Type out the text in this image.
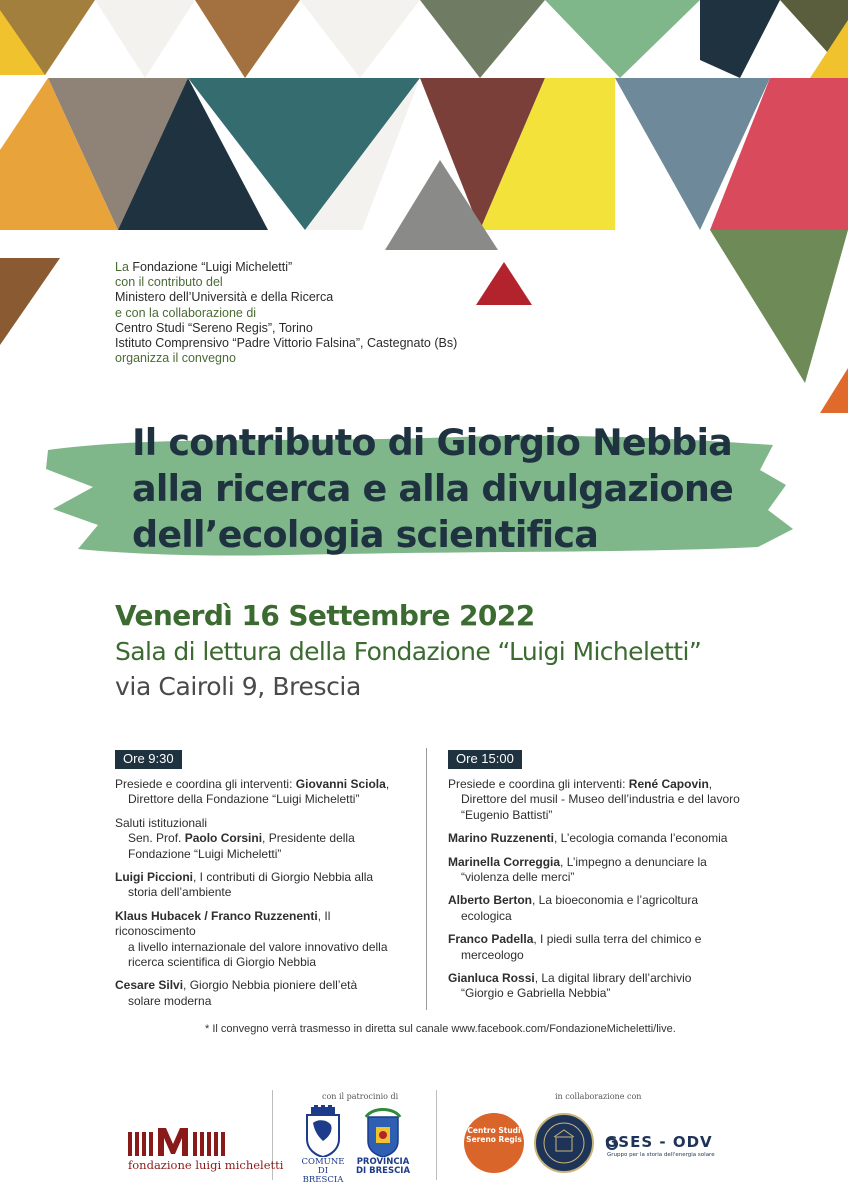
La Fondazione “Luigi Micheletti”
con il contributo del
Ministero dell’Università e della Ricerca
e con la collaborazione di
Centro Studi “Sereno Regis”, Torino
Istituto Comprensivo “Padre Vittorio Falsina”, Castegnato (Bs)
organizza il convegno
Il contributo di Giorgio Nebbia
alla ricerca e alla divulgazione
dell’ecologia scientifica
Venerdì 16 Settembre 2022
Sala di lettura della Fondazione “Luigi Micheletti”
via Cairoli 9, Brescia
Ore 9:30
Presiede e coordina gli interventi: Giovanni Sciola,
Direttore della Fondazione “Luigi Micheletti”
Saluti istituzionali
Sen. Prof. Paolo Corsini, Presidente della
Fondazione “Luigi Micheletti”
Luigi Piccioni, I contributi di Giorgio Nebbia alla
storia dell’ambiente
Klaus Hubacek / Franco Ruzzenenti, Il riconoscimento
a livello internazionale del valore innovativo della ricerca scientifica di Giorgio Nebbia
Cesare Silvi, Giorgio Nebbia pioniere dell’età
solare moderna
Ore 15:00
Presiede e coordina gli interventi: René Capovin,
Direttore del musil - Museo dell’industria e del lavoro “Eugenio Battisti”
Marino Ruzzenenti, L’ecologia comanda l’economia
Marinella Correggia, L’impegno a denunciare la
“violenza delle merci”
Alberto Berton, La bioeconomia e l’agricoltura
ecologica
Franco Padella, I piedi sulla terra del chimico e
merceologo
Gianluca Rossi, La digital library dell’archivio
“Giorgio e Gabriella Nebbia”
* Il convegno verrà trasmesso in diretta sul canale www.facebook.com/FondazioneMicheletti/live.
fondazione luigi micheletti
con il patrocinio di
COMUNE DI BRESCIA
PROVINCIA DI BRESCIA
in collaborazione con
Centro Studi Sereno Regis	GSES - ODV
Gruppo per la storia dell'energia solare
